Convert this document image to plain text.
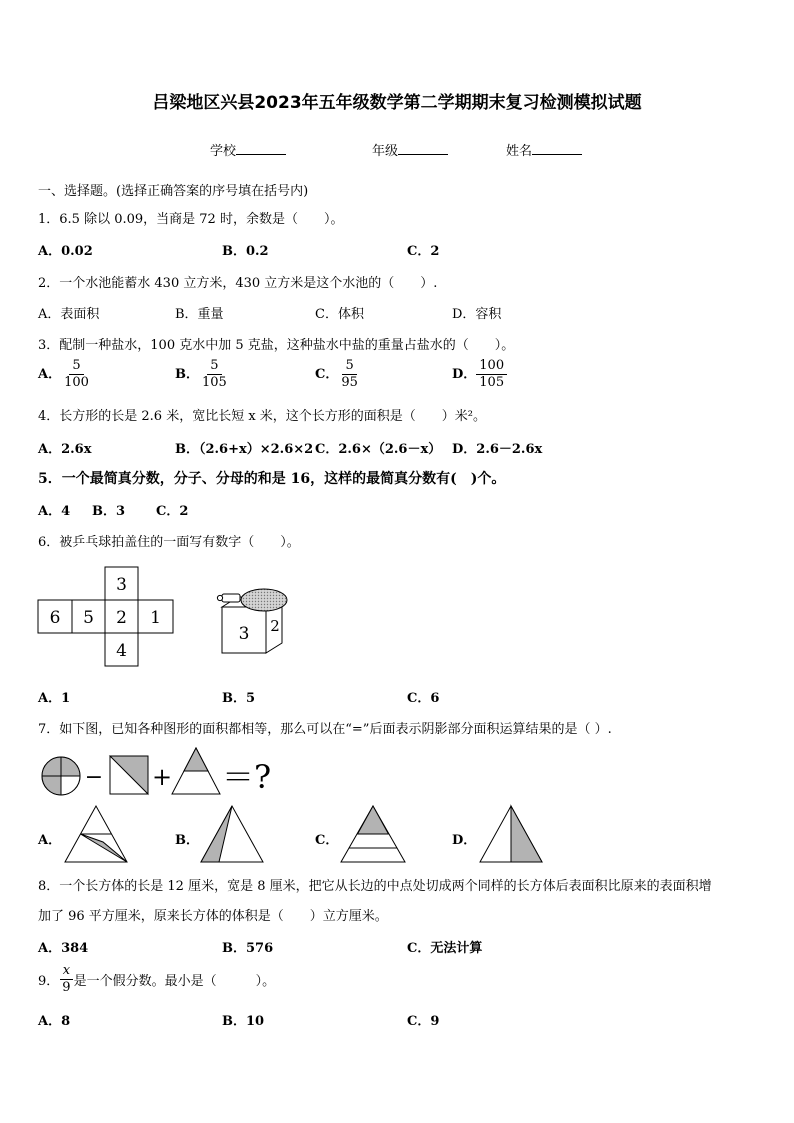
吕梁地区兴县2023年五年级数学第二学期期末复习检测模拟试题
学校	年级	姓名
一、选择题。(选择正确答案的序号填在括号内)
1．6.5 除以 0.09，当商是 72 时，余数是（　　）。
A．0.02	B．0.2	C．2
2．一个水池能蓄水 430 立方米，430 立方米是这个水池的（　　）.
A．表面积	B．重量	C．体积	D．容积
3．配制一种盐水，100 克水中加 5 克盐，这种盐水中盐的重量占盐水的（　　）。
A． $\frac{5}{100}$	B． $\frac{5}{105}$	C． $\frac{5}{95}$	D． $\frac{100}{105}$
4．长方形的长是 2.6 米，宽比长短 x 米，这个长方形的面积是（　　）米²。
A．2.6x	B．（2.6+x）×2.6×2 C．2.6×（2.6－x） D．2.6－2.6x
5．一个最简真分数，分子、分母的和是 16，这样的最简真分数有(　)个。
A．4 B．3 C．2
6．被乒乓球拍盖住的一面写有数字（　　）。
3
6 5 2 1
4
3 2
A．1	B．5	C．6
7．如下图，已知各种图形的面积都相等，那么可以在“=”后面表示阴影部分面积运算结果的是（ ）.
− + ＝?
A．	B．	C．	D．
8．一个长方体的长是 12 厘米，宽是 8 厘米，把它从长边的中点处切成两个同样的长方体后表面积比原来的表面积增
加了 96 平方厘米，原来长方体的体积是（　　）立方厘米。
A．384	B．576	C．无法计算
9． $\frac{x}{9}$ 是一个假分数。最小是（　　　）。
A．8	B．10	C．9
